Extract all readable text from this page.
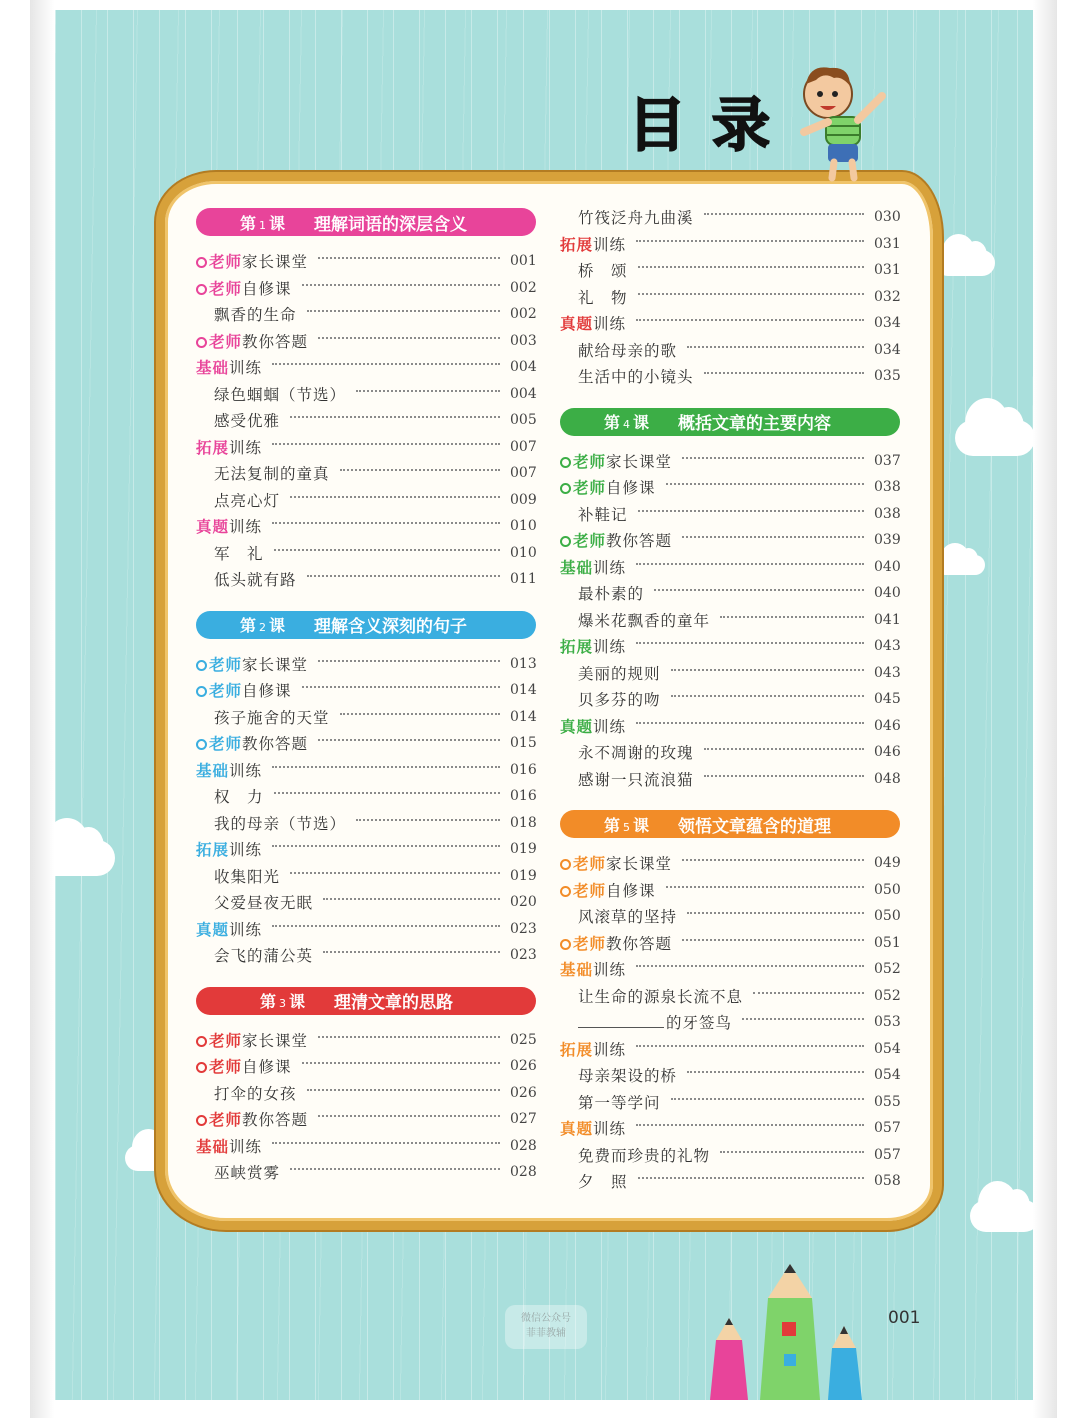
目录
第 1 课	理解词语的深层含义
老师家长课堂	001
老师自修课	002
飘香的生命	002
老师教你答题	003
基础训练	004
绿色蝈蝈（节选）	004
感受优雅	005
拓展训练	007
无法复制的童真	007
点亮心灯	009
真题训练	010
军　礼	010
低头就有路	011
第 2 课	理解含义深刻的句子
老师家长课堂	013
老师自修课	014
孩子施舍的天堂	014
老师教你答题	015
基础训练	016
权　力	016
我的母亲（节选）	018
拓展训练	019
收集阳光	019
父爱昼夜无眠	020
真题训练	023
会飞的蒲公英	023
第 3 课	理清文章的思路
老师家长课堂	025
老师自修课	026
打伞的女孩	026
老师教你答题	027
基础训练	028
巫峡赏雾	028
竹筏泛舟九曲溪	030
拓展训练	031
桥　颂	031
礼　物	032
真题训练	034
献给母亲的歌	034
生活中的小镜头	035
第 4 课	概括文章的主要内容
老师家长课堂	037
老师自修课	038
补鞋记	038
老师教你答题	039
基础训练	040
最朴素的	040
爆米花飘香的童年	041
拓展训练	043
美丽的规则	043
贝多芬的吻	045
真题训练	046
永不凋谢的玫瑰	046
感谢一只流浪猫	048
第 5 课	领悟文章蕴含的道理
老师家长课堂	049
老师自修课	050
风滚草的坚持	050
老师教你答题	051
基础训练	052
让生命的源泉长流不息	052
的牙签鸟	053
拓展训练	054
母亲架设的桥	054
第一等学问	055
真题训练	057
免费而珍贵的礼物	057
夕　照	058
微信公众号
菲菲教辅
001
